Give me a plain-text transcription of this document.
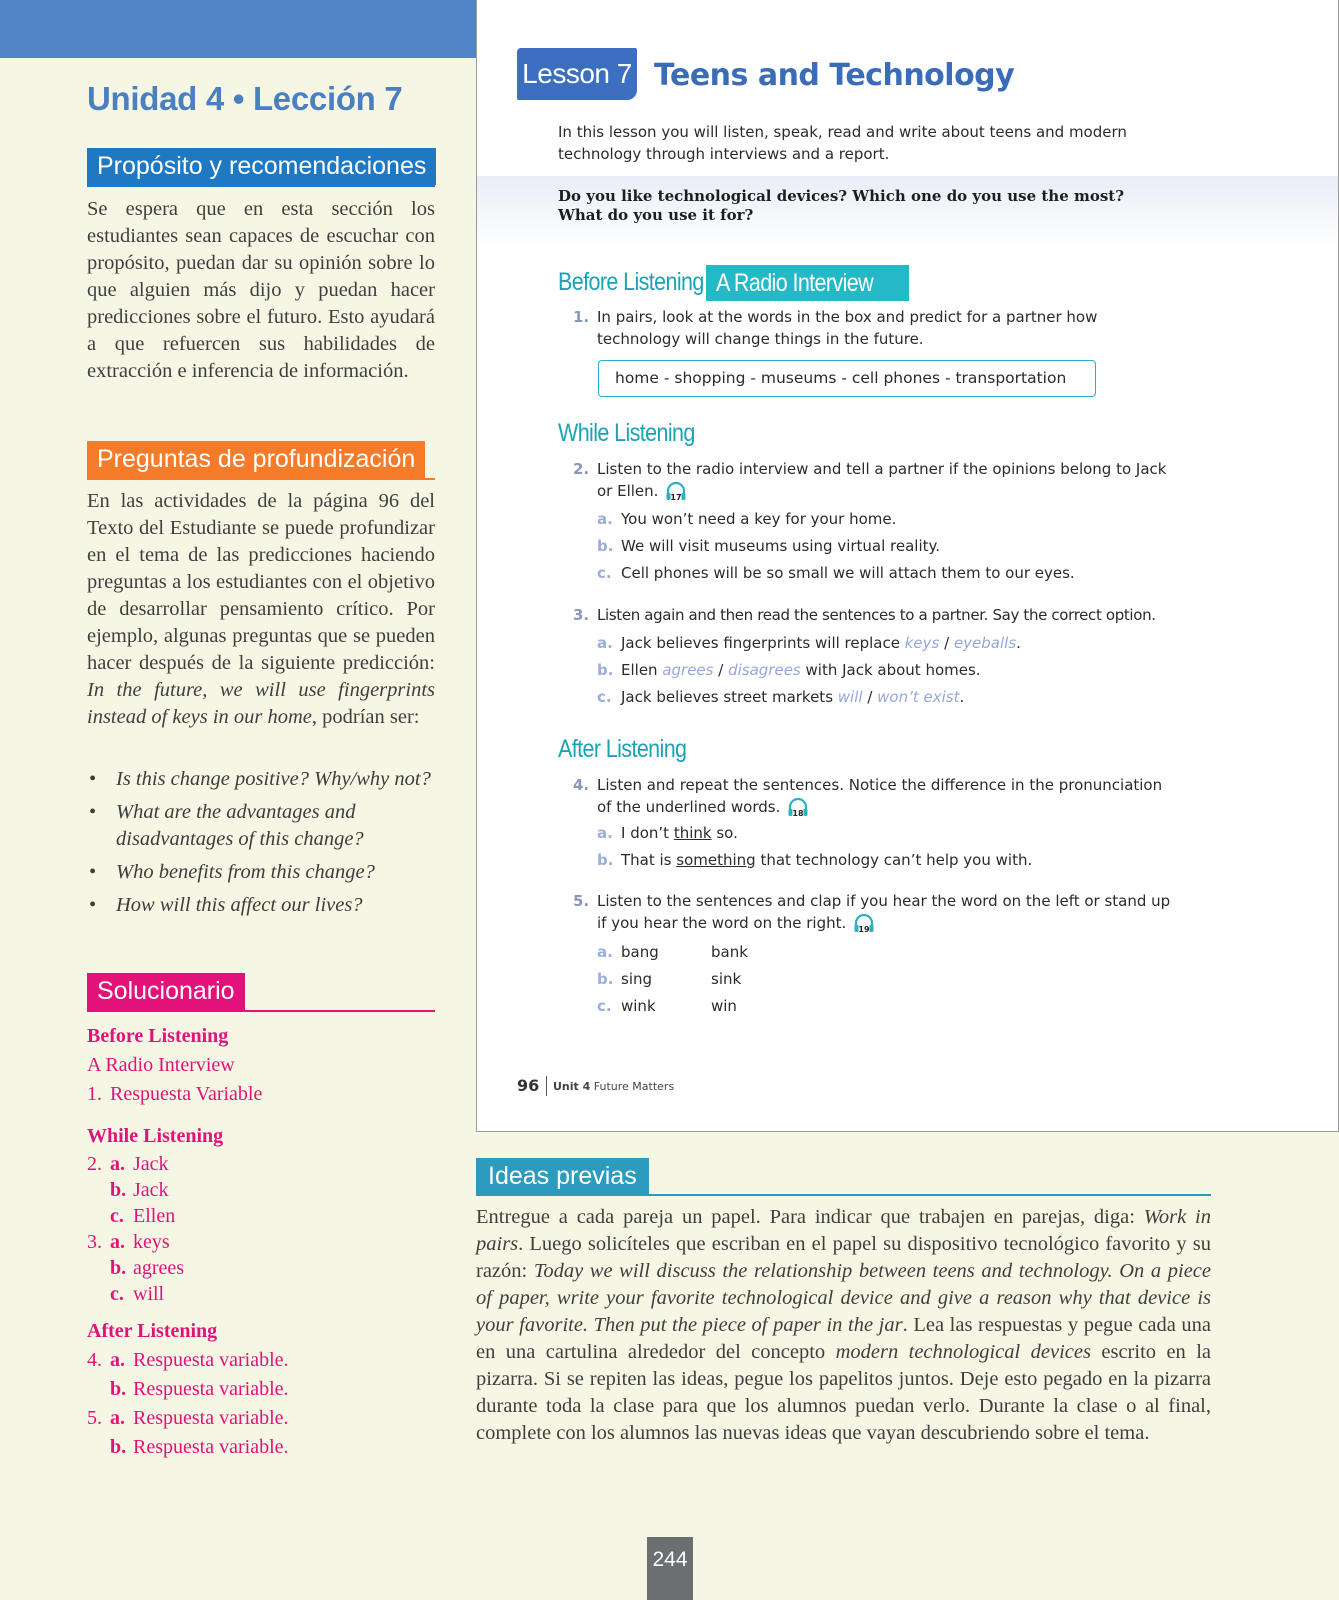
Unidad 4 • Lección 7
Propósito y recomendaciones

Se espera que en esta sección los estudiantes sean capaces de escuchar con propósito, puedan dar su opinión sobre lo que alguien más dijo y puedan hacer predicciones sobre el futuro. Esto ayudará a que refuercen sus habilidades de extracción e inferencia de información.

Preguntas de profundización

En las actividades de la página 96 del Texto del Estudiante se puede profundizar en el tema de las predicciones haciendo preguntas a los estudiantes con el objetivo de desarrollar pensamiento crítico. Por ejemplo, algunas preguntas que se pueden hacer después de la siguiente predicción: In the future, we will use fingerprints instead of keys in our home, podrían ser:

• Is this change positive? Why/why not?
• What are the advantages and disadvantages of this change?
• Who benefits from this change?
• How will this affect our lives?
Solucionario
Before Listening
A Radio Interview
1. Respuesta Variable
While Listening
2. a. Jack
b. Jack
c. Ellen
3. a. keys
b. agrees
c. will
After Listening
4. a. Respuesta variable.
b. Respuesta variable.
5. a. Respuesta variable.
b. Respuesta variable.
Lesson 7 Teens and Technology

In this lesson you will listen, speak, read and write about teens and modern technology through interviews and a report.

Do you like technological devices? Which one do you use the most?
What do you use it for?
Before Listening A Radio Interview
1. In pairs, look at the words in the box and predict for a partner how technology will change things in the future.
home - shopping - museums - cell phones - transportation
While Listening
2. Listen to the radio interview and tell a partner if the opinions belong to Jack or Ellen. 17
a. You won’t need a key for your home.
b. We will visit museums using virtual reality.
c. Cell phones will be so small we will attach them to our eyes.
3. Listen again and then read the sentences to a partner. Say the correct option.
a. Jack believes fingerprints will replace keys / eyeballs.
b. Ellen agrees / disagrees with Jack about homes.
c. Jack believes street markets will / won’t exist.
After Listening
4. Listen and repeat the sentences. Notice the difference in the pronunciation of the underlined words. 18
a. I don’t think so.
b. That is something that technology can’t help you with.
5. Listen to the sentences and clap if you hear the word on the left or stand up if you hear the word on the right. 19
a. bang	bank
b. sing	sink
c. wink	win
96 Unit 4 Future Matters
Ideas previas

Entregue a cada pareja un papel. Para indicar que trabajen en parejas, diga: Work in pairs. Luego solicíteles que escriban en el papel su dispositivo tecnológico favorito y su razón: Today we will discuss the relationship between teens and technology. On a piece of paper, write your favorite technological device and give a reason why that device is your favorite. Then put the piece of paper in the jar. Lea las respuestas y pegue cada una en una cartulina alrededor del concepto modern technological devices escrito en la pizarra. Si se repiten las ideas, pegue los papelitos juntos. Deje esto pegado en la pizarra durante toda la clase para que los alumnos puedan verlo. Durante la clase o al final, complete con los alumnos las nuevas ideas que vayan descubriendo sobre el tema.

244
